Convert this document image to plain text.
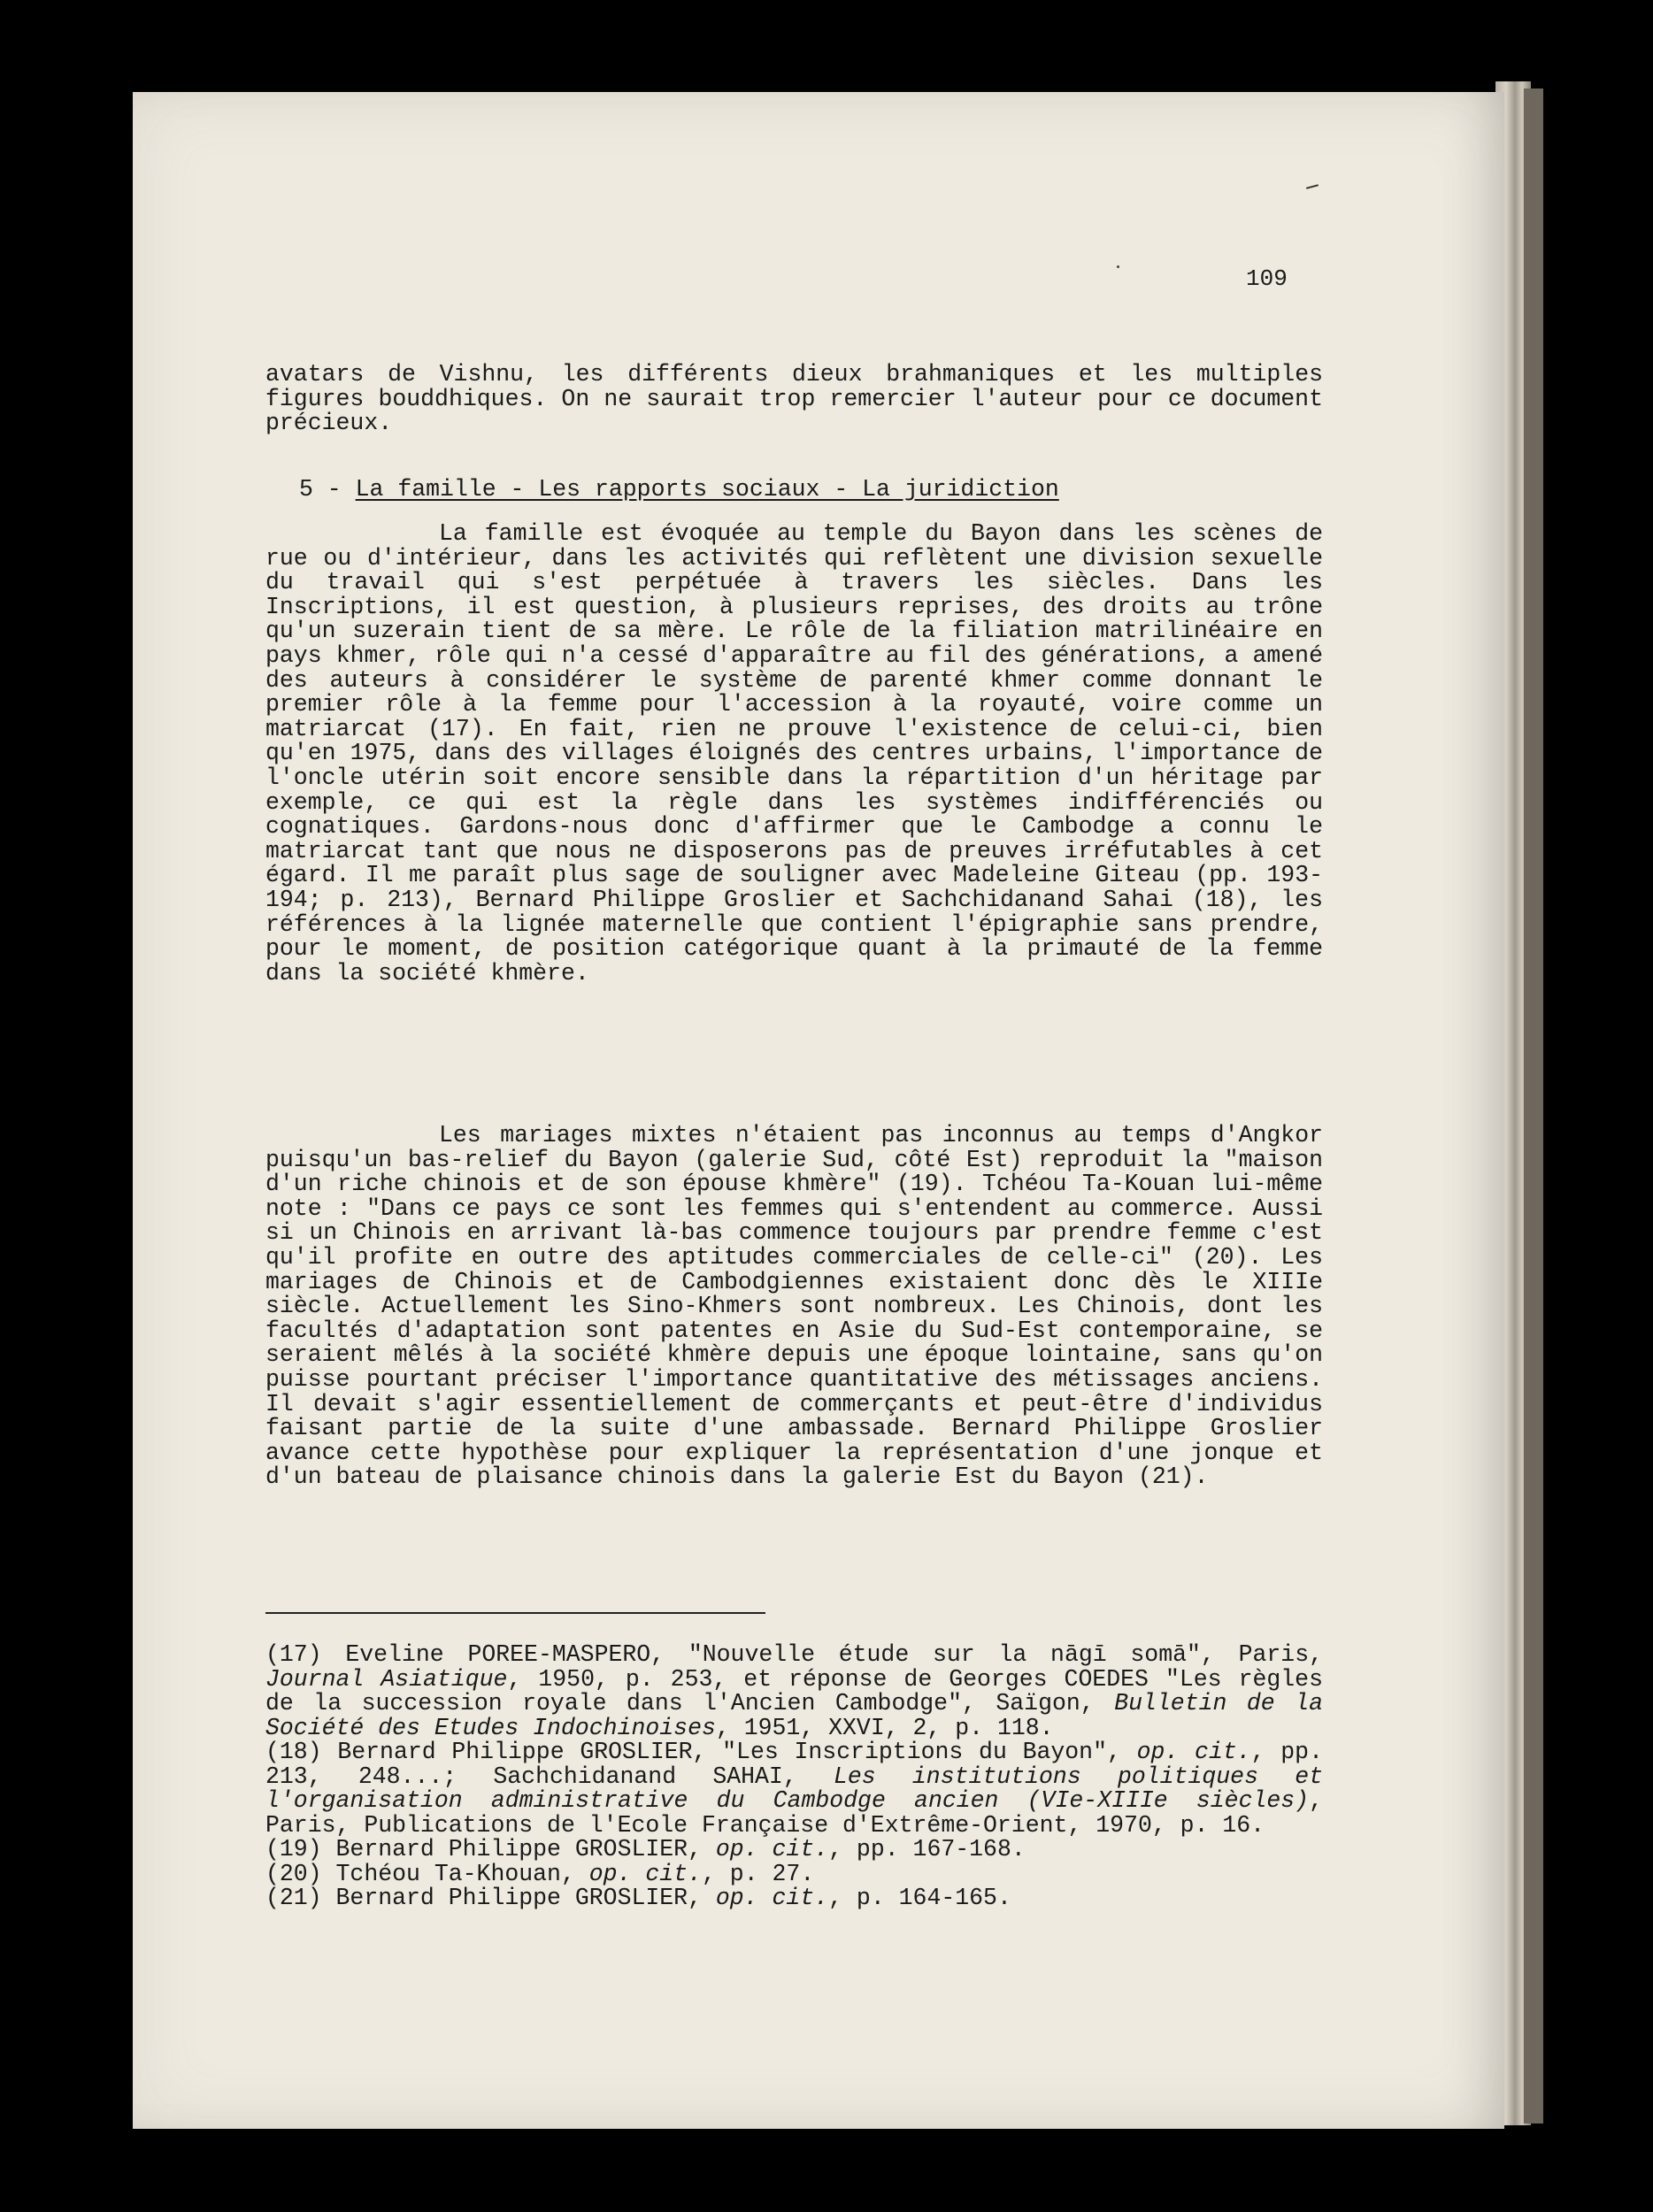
109

avatars de Vishnu, les différents dieux brahmaniques et les multiples figures bouddhiques. On ne saurait trop remercier l'auteur pour ce document précieux.

5 - La famille - Les rapports sociaux - La juridiction

La famille est évoquée au temple du Bayon dans les scènes de rue ou d'intérieur, dans les activités qui reflètent une division sexuelle du travail qui s'est perpétuée à travers les siècles. Dans les Inscriptions, il est question, à plusieurs reprises, des droits au trône qu'un suzerain tient de sa mère. Le rôle de la filiation matrilinéaire en pays khmer, rôle qui n'a cessé d'apparaître au fil des générations, a amené des auteurs à considérer le système de parenté khmer comme donnant le premier rôle à la femme pour l'accession à la royauté, voire comme un matriarcat (17). En fait, rien ne prouve l'existence de celui-ci, bien qu'en 1975, dans des villages éloignés des centres urbains, l'importance de l'oncle utérin soit encore sensible dans la répartition d'un héritage par exemple, ce qui est la règle dans les systèmes indifférenciés ou cognatiques. Gardons-nous donc d'affirmer que le Cambodge a connu le matriarcat tant que nous ne disposerons pas de preuves irréfutables à cet égard. Il me paraît plus sage de souligner avec Madeleine Giteau (pp. 193-194; p. 213), Bernard Philippe Groslier et Sachchidanand Sahai (18), les références à la lignée maternelle que contient l'épigraphie sans prendre, pour le moment, de position catégorique quant à la primauté de la femme dans la société khmère.

Les mariages mixtes n'étaient pas inconnus au temps d'Angkor puisqu'un bas-relief du Bayon (galerie Sud, côté Est) reproduit la "maison d'un riche chinois et de son épouse khmère" (19). Tchéou Ta-Kouan lui-même note : "Dans ce pays ce sont les femmes qui s'entendent au commerce. Aussi si un Chinois en arrivant là-bas commence toujours par prendre femme c'est qu'il profite en outre des aptitudes commerciales de celle-ci" (20). Les mariages de Chinois et de Cambodgiennes existaient donc dès le XIIIe siècle. Actuellement les Sino-Khmers sont nombreux. Les Chinois, dont les facultés d'adaptation sont patentes en Asie du Sud-Est contemporaine, se seraient mêlés à la société khmère depuis une époque lointaine, sans qu'on puisse pourtant préciser l'importance quantitative des métissages anciens. Il devait s'agir essentiellement de commerçants et peut-être d'individus faisant partie de la suite d'une ambassade. Bernard Philippe Groslier avance cette hypothèse pour expliquer la représentation d'une jonque et d'un bateau de plaisance chinois dans la galerie Est du Bayon (21).

(17) Eveline POREE-MASPERO, "Nouvelle étude sur la nāgī somā", Paris, Journal Asiatique, 1950, p. 253, et réponse de Georges COEDES "Les règles de la succession royale dans l'Ancien Cambodge", Saïgon, Bulletin de la Société des Etudes Indochinoises, 1951, XXVI, 2, p. 118.

(18) Bernard Philippe GROSLIER, "Les Inscriptions du Bayon", op. cit., pp. 213, 248...; Sachchidanand SAHAI, Les institutions politiques et l'organisation administrative du Cambodge ancien (VIe-XIIIe siècles), Paris, Publications de l'Ecole Française d'Extrême-Orient, 1970, p. 16.

(19) Bernard Philippe GROSLIER, op. cit., pp. 167-168.

(20) Tchéou Ta-Khouan, op. cit., p. 27.

(21) Bernard Philippe GROSLIER, op. cit., p. 164-165.
